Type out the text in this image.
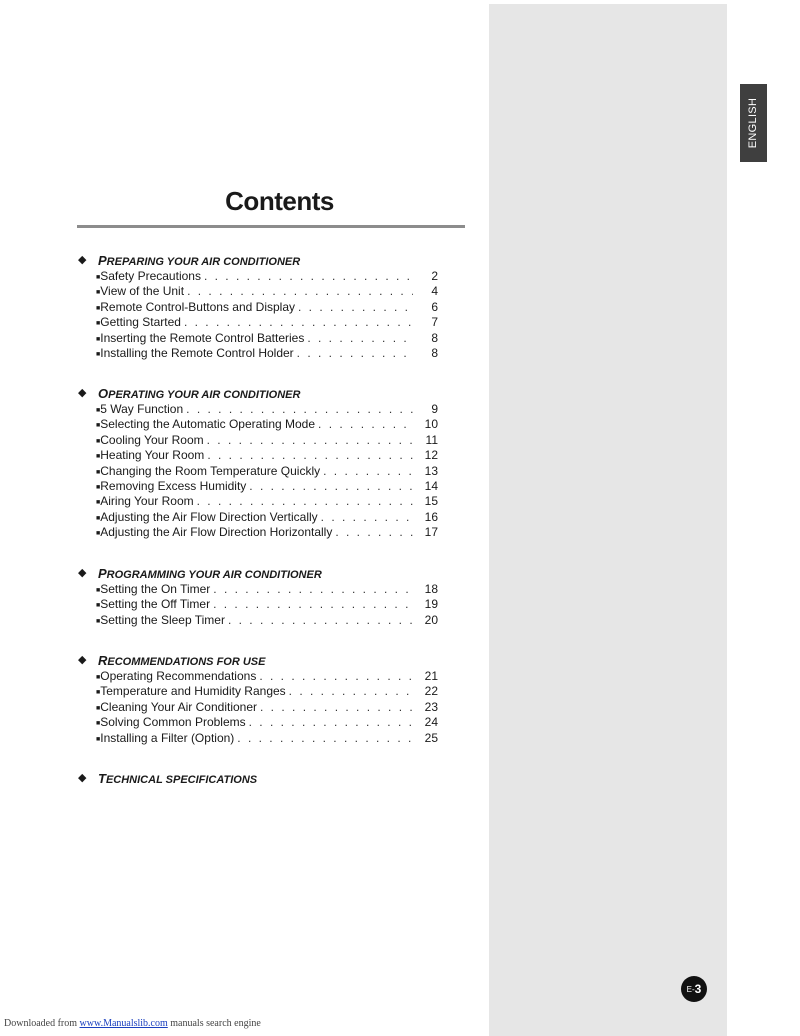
ENGLISH
Contents
◆ PREPARING YOUR AIR CONDITIONER
■ Safety Precautions . . .	2
■ View of the Unit . . .	4
■ Remote Control-Buttons and Display . . .	6
■ Getting Started . . .	7
■ Inserting the Remote Control Batteries . . .	8
■ Installing the Remote Control Holder . . .	8
◆ OPERATING YOUR AIR CONDITIONER
■ 5 Way Function . . .	9
■ Selecting the Automatic Operating Mode . . .	10
■ Cooling Your Room . . .	11
■ Heating Your Room . . .	12
■ Changing the Room Temperature Quickly . . .	13
■ Removing Excess Humidity . . .	14
■ Airing Your Room . . .	15
■ Adjusting the Air Flow Direction Vertically . . .	16
■ Adjusting the Air Flow Direction Horizontally . . .	17
◆ PROGRAMMING YOUR AIR CONDITIONER
■ Setting the On Timer . . .	18
■ Setting the Off Timer . . .	19
■ Setting the Sleep Timer . . .	20
◆ RECOMMENDATIONS FOR USE
■ Operating Recommendations . . .	21
■ Temperature and Humidity Ranges . . .	22
■ Cleaning Your Air Conditioner . . .	23
■ Solving Common Problems . . .	24
■ Installing a Filter (Option) . . .	25
◆ TECHNICAL SPECIFICATIONS
E- 3
Downloaded from www.Manualslib.com manuals search engine
